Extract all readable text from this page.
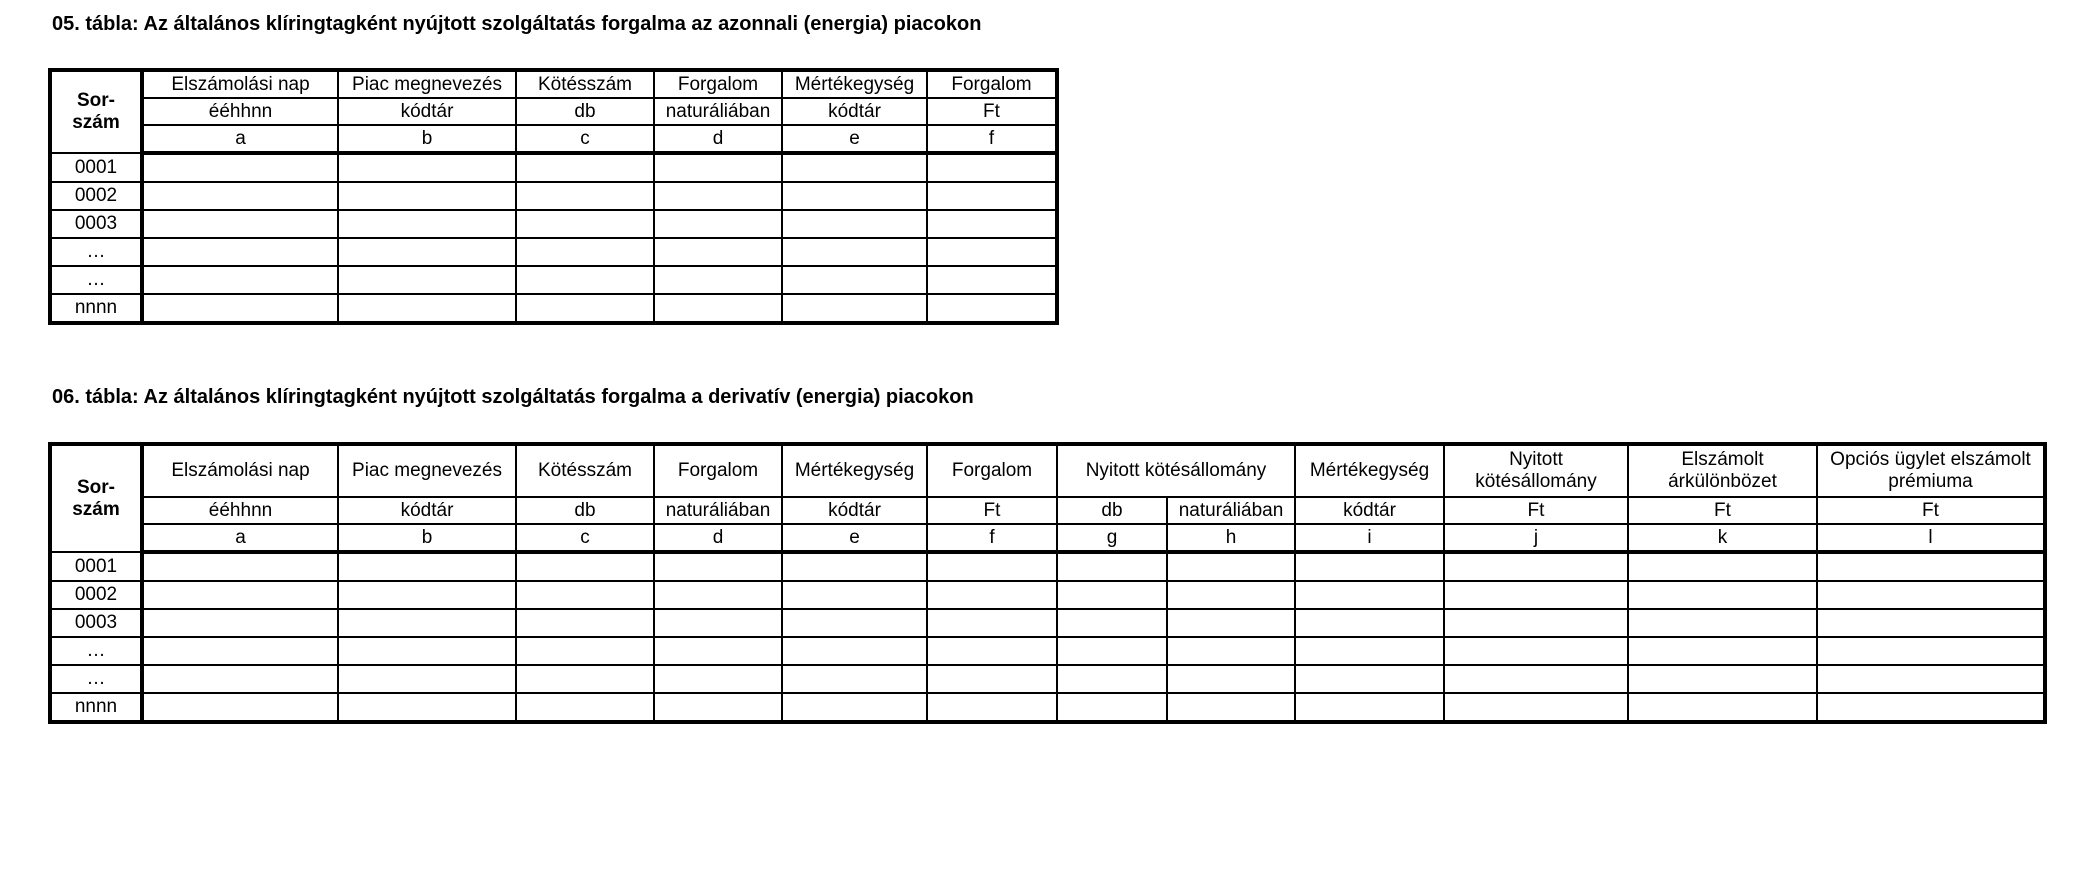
05. tábla: Az általános klíringtagként nyújtott szolgáltatás forgalma az azonnali (energia) piacokon
Sor-
szám	Elszámolási nap	Piac megnevezés	Kötésszám	Forgalom	Mértékegység	Forgalom
	ééhhnn	kódtár	db	naturáliában	kódtár	Ft
	a	b	c	d	e	f
0001						
0002						
0003						
…						
…						
nnnn						
06. tábla: Az általános klíringtagként nyújtott szolgáltatás forgalma a derivatív (energia) piacokon
Sor-
szám	Elszámolási nap	Piac megnevezés	Kötésszám	Forgalom	Mértékegység	Forgalom	Nyitott kötésállomány		Mértékegység	Nyitott kötésállomány	Elszámolt árkülönbözet	Opciós ügylet elszámolt prémiuma
	ééhhnn	kódtár	db	naturáliában	kódtár	Ft	db	naturáliában	kódtár	Ft	Ft	Ft
	a	b	c	d	e	f	g	h	i	j	k	l
0001												
0002												
0003												
…												
…												
nnnn												
